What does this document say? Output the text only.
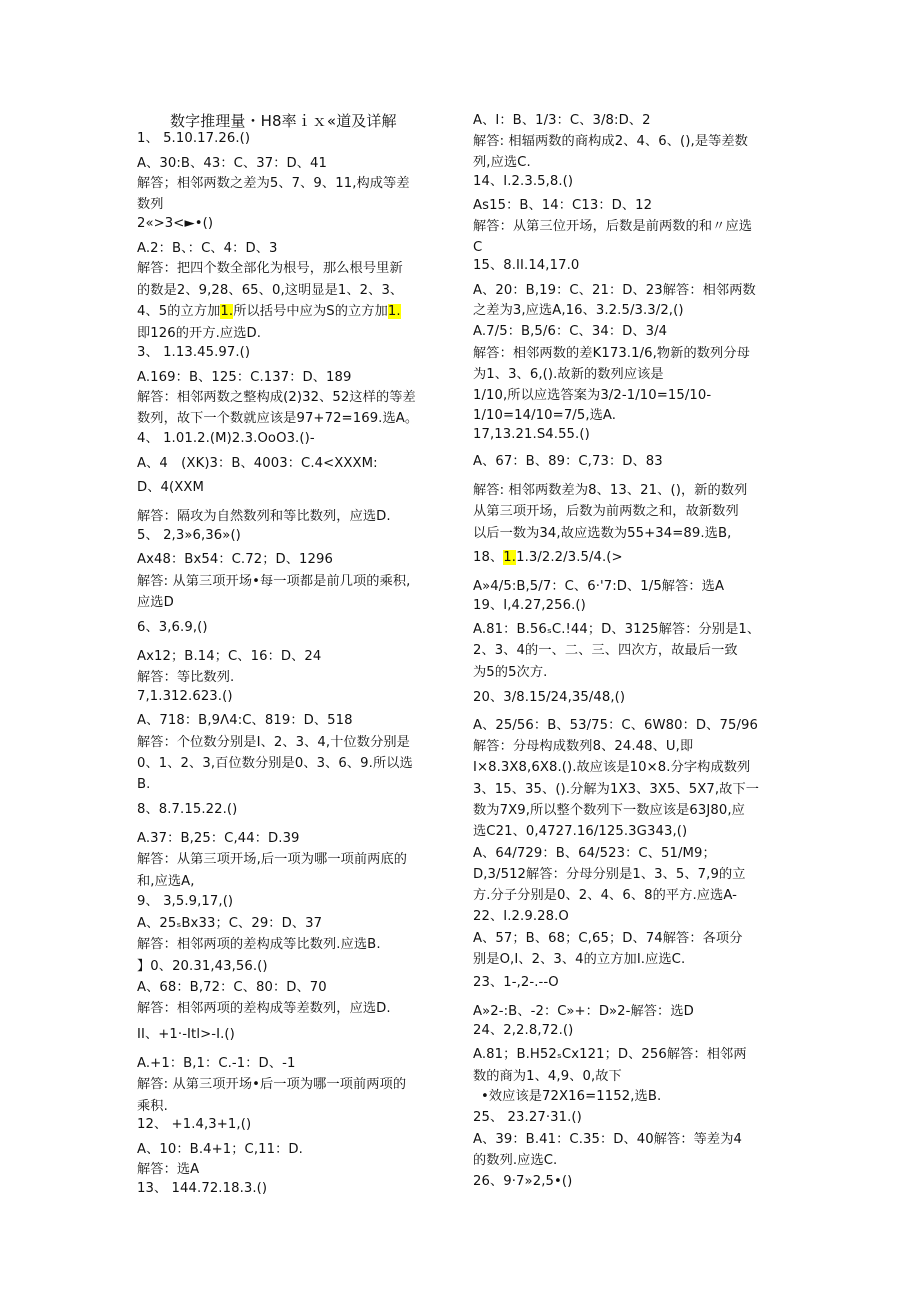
数字推理量・H8率ｉｘ«道及详解
1、 5.10.17.26.()
A、30:B、43：C、37：D、41
解答；相邻两数之差为5、7、9、11,构成等差
数列
2«>3<►•()
A.2：B、：C、4：D、3
解答：把四个数全部化为根号，那么根号里新
的数是2、9,28、65、0,这明显是1、2、3、
4、5的立方加1.所以括号中应为S的立方加1.
即126的开方.应选D.
3、 1.13.45.97.()
A.169：B、125：C.137：D、189
解答：相邻两数之整构成(2)32、52这样的等差
数列，故下一个数就应该是97+72=169.选A。
4、 1.01.2.(M)2.3.OoO3.()-
A、4　(XK)3：B、4003：C.4<XXXM:
D、4(XXM
解答：隔攻为自然数列和等比数列，应选D.
5、 2,3»6,36»()
Ax48：Bx54：C.72；D、1296
解答: 从第三项开场•每一项都是前几项的乘积,
应选D
6、3,6.9,()
Ax12；B.14；C、16：D、24
解答：等比数列.
7,1.312.623.()
A、718：B,9Λ4:C、819：D、518
解答：个位数分别是I、2、3、4,十位数分别是
0、1、2、3,百位数分别是0、3、6、9.所以选
B.
8、8.7.15.22.()
A.37：B,25：C,44：D.39
解答：从第三项开场,后一项为哪一项前两底的
和,应选A,
9、 3,5.9,17,()
A、25ₛBx33；C、29：D、37
解答：相邻两项的差构成等比数列.应选B.
】0、20.31,43,56.()
A、68：B,72：C、80：D、70
解答：相邻两项的差构成等差数列，应选D.
II、+1·-Itl>-I.()
A.+1：B,1：C.-1：D、-1
解答: 从第三项开场•后一项为哪一项前两项的
乘积.
12、 +1.4,3+1,()
A、10：B.4+1；C,11：D.
解答：选A
13、 144.72.18.3.()
A、I：B、1/3：C、3/8:D、2
解答: 相辐两数的商构成2、4、6、(),是等差数
列,应选C.
14、I.2.3.5,8.()
As15：B、14：C13：D、12
解答：从第三位开场，后数是前两数的和〃应选
C
15、8.II.14,17.0
A、20：B,19：C、21：D、23解答：相邻两数
之差为3,应选A,16、3.2.5/3.3/2,()
A.7/5：B,5/6：C、34：D、3/4
解答：相邻两数的差K173.1/6,物新的数列分母
为1、3、6,().故新的数列应该是
1/10,所以应选答案为3/2-1/10=15/10-
1/10=14/10=7/5,选A.
17,13.21.S4.55.()
A、67：B、89：C,73：D、83
解答: 相邻两数差为8、13、21、()，新的数列
从第三项开场，后数为前两数之和，故新数列
以后一数为34,故应选数为55+34=89.选B,
18、1.1.3/2.2/3.5/4.(>
A»4/5:B,5/7：C、6·'7:D、1/5解答：选A
19、I,4.27,256.()
A.81：B.56ₛC.!44；D、3125解答：分别是1、
2、3、4的一、二、三、四次方，故最后一致
为5的5次方.
20、3/8.15/24,35/48,()
A、25/56：B、53/75：C、6W80：D、75/96
解答：分母构成数列8、24.48、U,即
I×8.3X8,6X8.().故应该是10×8.分字构成数列
3、15、35、().分解为1X3、3X5、5X7,故下一
数为7X9,所以整个数列下一数应该是63J80,应
选C21、0,4727.16/125.3G343,()
A、64/729：B、64/523：C、51/M9；
D,3/512解答：分母分别是1、3、5、7,9的立
方.分子分别是0、2、4、6、8的平方.应选A-
22、I.2.9.28.O
A、57；B、68；C,65；D、74解答：各项分
别是O,I、2、3、4的立方加I.应选C.
23、1-,2-.--O
A»2-:B、-2：C»+：D»2-解答：选D
24、2,2.8,72.()
A.81；B.H52ₛCx121；D、256解答：相邻两
数的商为1、4,9、0,故下
•效应该是72X16=1152,选B.
25、 23.27·31.()
A、39：B.41：C.35：D、40解答：等差为4
的数列.应选C.
26、9·7»2,5•()
